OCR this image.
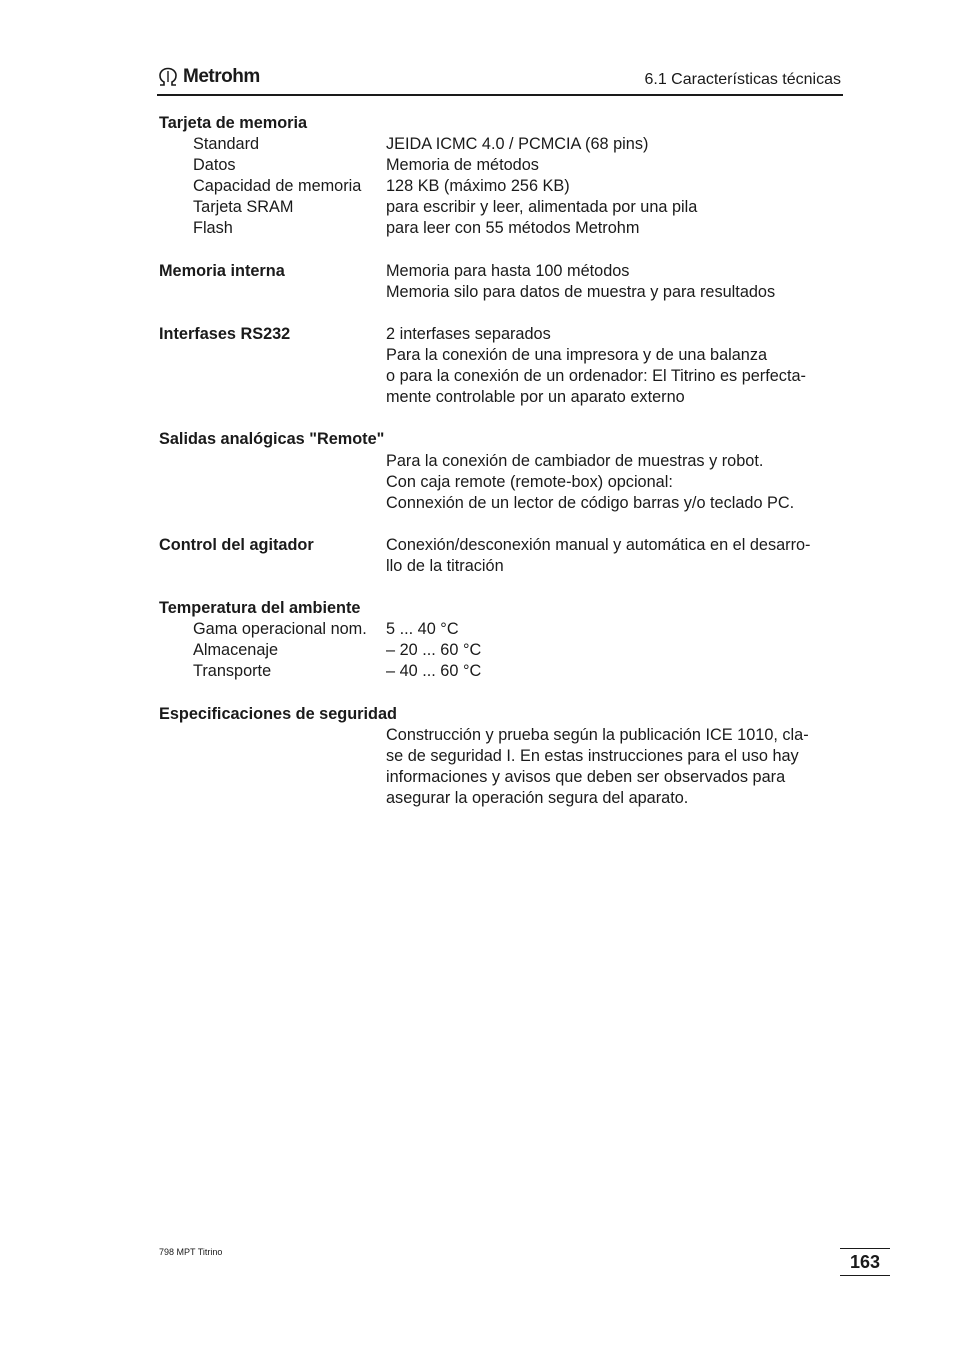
Metrohm	6.1 Características técnicas
Tarjeta de memoria
Standard	JEIDA ICMC 4.0 / PCMCIA (68 pins)
Datos	Memoria de métodos
Capacidad de memoria	128 KB (máximo 256 KB)
Tarjeta SRAM	para escribir y leer, alimentada por una pila
Flash	para leer con 55 métodos Metrohm
Memoria interna	Memoria para hasta 100 métodos
Memoria silo para datos de muestra y para resultados
Interfases RS232	2 interfases separados
Para la conexión de una impresora y de una balanza
o para la conexión de un ordenador: El Titrino es perfecta-
mente controlable por un aparato externo
Salidas analógicas "Remote"
Para la conexión de cambiador de muestras y robot.
Con caja remote (remote-box) opcional:
Connexión de un lector de código barras y/o teclado PC.
Control del agitador	Conexión/desconexión manual y automática en el desarro-
llo de la titración
Temperatura del ambiente
Gama operacional nom.	5 ... 40 °C
Almacenaje	– 20 ... 60 °C
Transporte	– 40 ... 60 °C
Especificaciones de seguridad
Construcción y prueba según la publicación ICE 1010, cla-
se de seguridad I. En estas instrucciones para el uso hay
informaciones y avisos que deben ser observados para
asegurar la operación segura del aparato.
798 MPT Titrino	163
